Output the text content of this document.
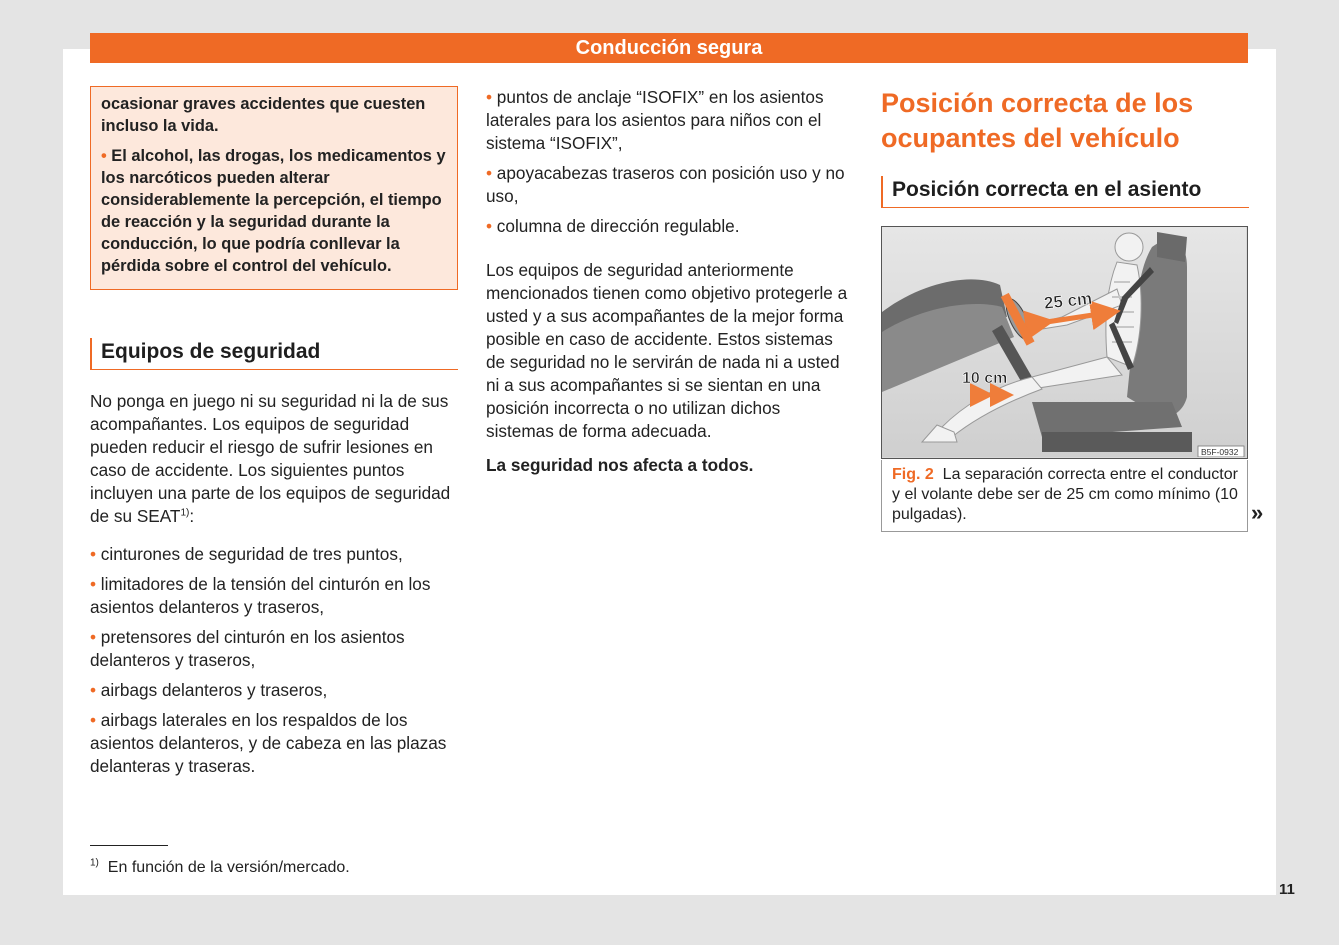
Conducción segura

ocasionar graves accidentes que cuesten incluso la vida.

• El alcohol, las drogas, los medicamentos y los narcóticos pueden alterar considerablemente la percepción, el tiempo de reacción y la seguridad durante la conducción, lo que podría conllevar la pérdida sobre el control del vehículo.

Equipos de seguridad

No ponga en juego ni su seguridad ni la de sus acompañantes. Los equipos de seguridad pueden reducir el riesgo de sufrir lesiones en caso de accidente. Los siguientes puntos incluyen una parte de los equipos de seguridad de su SEAT$^{1)}$:

• cinturones de seguridad de tres puntos,
• limitadores de la tensión del cinturón en los asientos delanteros y traseros,
• pretensores del cinturón en los asientos delanteros y traseros,
• airbags delanteros y traseros,
• airbags laterales en los respaldos de los asientos delanteros, y de cabeza en las plazas delanteras y traseras.
• puntos de anclaje “ISOFIX” en los asientos laterales para los asientos para niños con el sistema “ISOFIX”,
• apoyacabezas traseros con posición uso y no uso,
• columna de dirección regulable.

Los equipos de seguridad anteriormente mencionados tienen como objetivo protegerle a usted y a sus acompañantes de la mejor forma posible en caso de accidente. Estos sistemas de seguridad no le servirán de nada ni a usted ni a sus acompañantes si se sientan en una posición incorrecta o no utilizan dichos sistemas de forma adecuada.

La seguridad nos afecta a todos.

Posición correcta de los ocupantes del vehículo
Posición correcta en el asiento
25 cm
10 cm
B5F-0932
Fig. 2 La separación correcta entre el conductor y el volante debe ser de 25 cm como mínimo (10 pulgadas).	»
$^{1)}$ En función de la versión/mercado.
11
